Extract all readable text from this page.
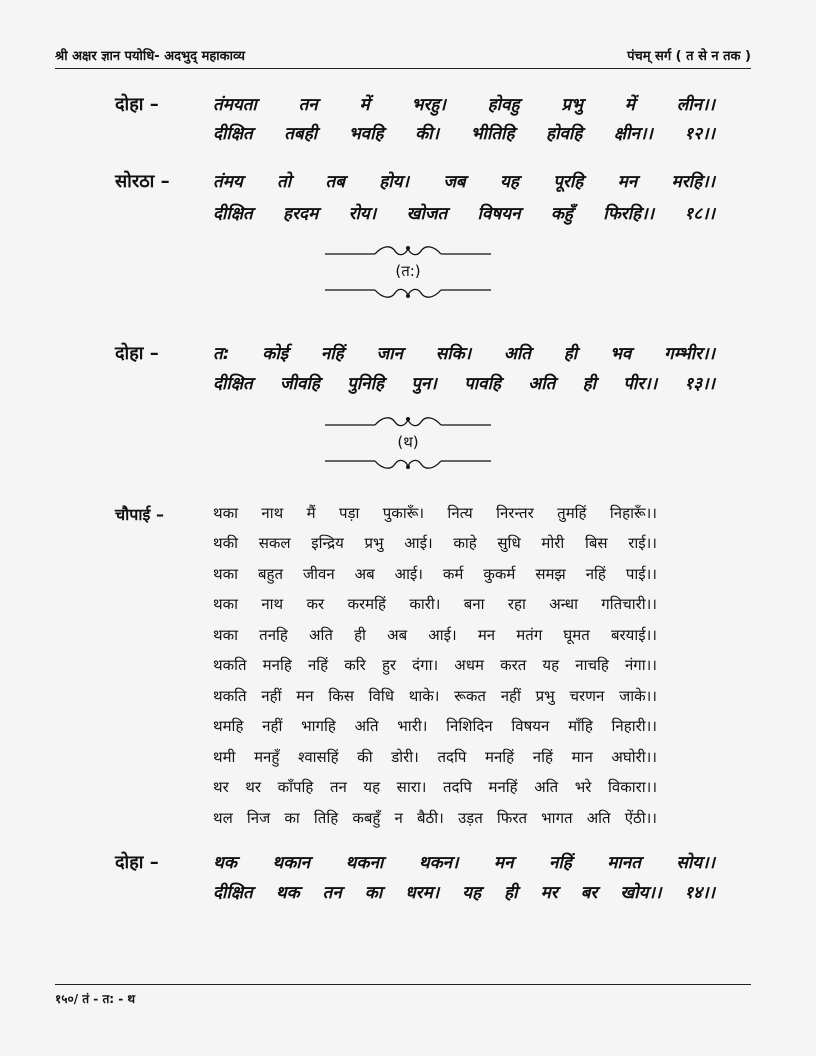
श्री अक्षर ज्ञान पयोधि- अदभुद् महाकाव्य	पंचम् सर्ग ( त से न तक )
दोहा –	तंमयता तन में भरहु। होवहु प्रभु में लीन।।
दीक्षित तबही भवहि की। भीतिहि होवहि क्षीन।। १२।।
सोरठा –	तंमय तो तब होय। जब यह पूरहि मन मरहि।।
दीक्षित हरदम रोय। खोजत विषयन कहुँ फिरहि।। १८।।
(त:)
दोहा –	त: कोई नहिं जान सकि। अति ही भव गम्भीर।।
दीक्षित जीवहि पुनिहि पुन। पावहि अति ही पीर।। १३।।
(थ)
चौपाई –	थका नाथ मैं पड़ा पुकारूँ। नित्य निरन्तर तुमहिं निहारूँ।।
थकी सकल इन्द्रिय प्रभु आई। काहे सुधि मोरी बिस राई।।
थका बहुत जीवन अब आई। कर्म कुकर्म समझ नहिं पाई।।
थका नाथ कर करमहिं कारी। बना रहा अन्धा गतिचारी।।
थका तनहि अति ही अब आई। मन मतंग घूमत बरयाई।।
थकति मनहि नहिं करि हुर दंगा। अधम करत यह नाचहि नंगा।।
थकति नहीं मन किस विधि थाके। रूकत नहीं प्रभु चरणन जाके।।
थमहि नहीं भागहि अति भारी। निशिदिन विषयन माँहि निहारी।।
थमी मनहुँ श्वासहिं की डोरी। तदपि मनहिं नहिं मान अघोरी।।
थर थर काँपहि तन यह सारा। तदपि मनहिं अति भरे विकारा।।
थल निज का तिहि कबहुँ न बैठी। उड़त फिरत भागत अति ऐंठी।।
दोहा –	थक थकान थकना थकन। मन नहिं मानत सोय।।
दीक्षित थक तन का धरम। यह ही मर बर खोय।। १४।।
१५०/ तं - त: - थ
